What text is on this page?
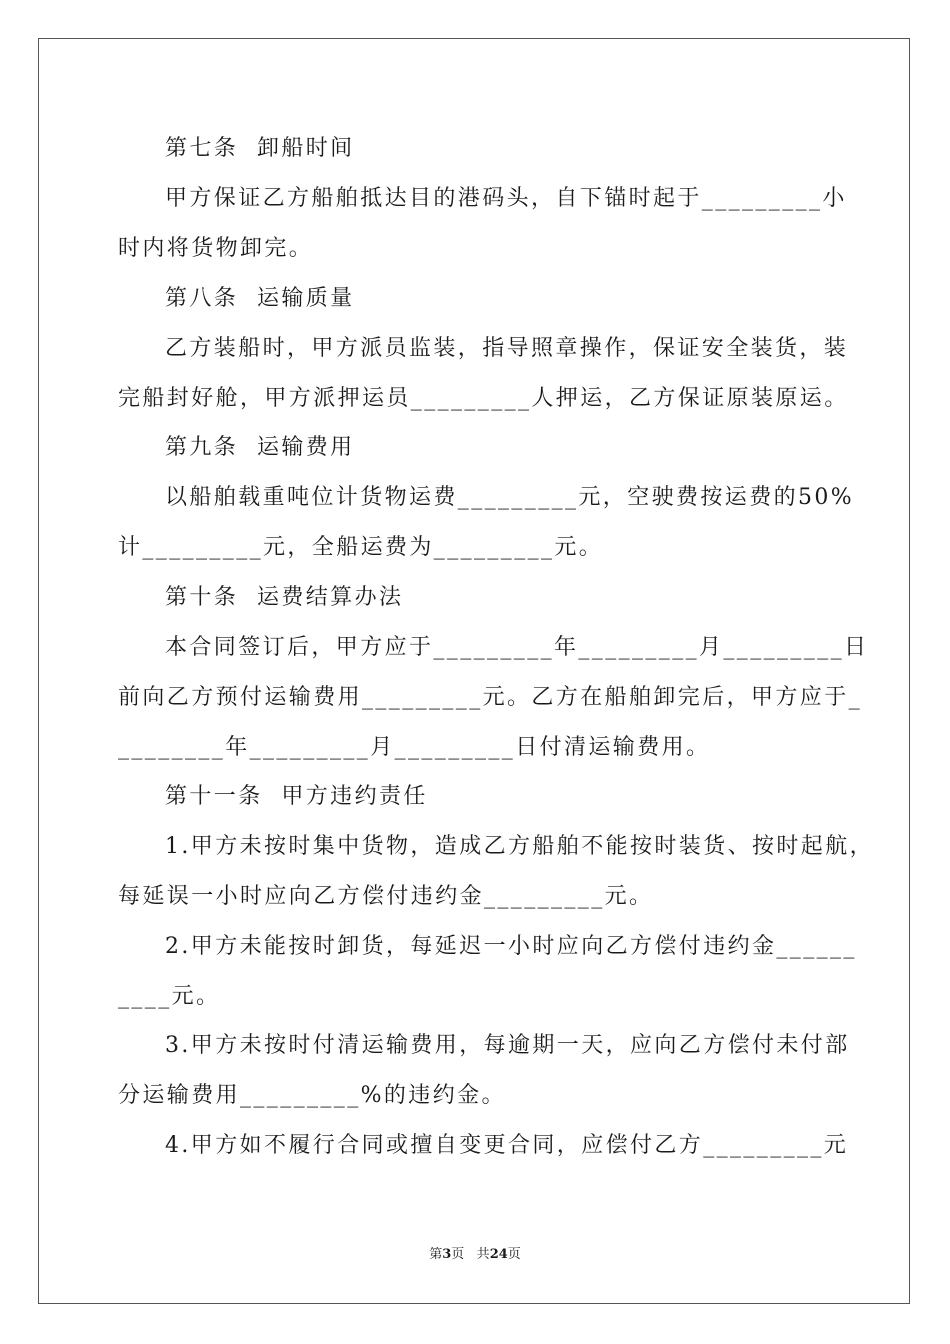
第七条  卸船时间
甲方保证乙方船舶抵达目的港码头，自下锚时起于_________小
时内将货物卸完。
第八条  运输质量
乙方装船时，甲方派员监装，指导照章操作，保证安全装货，装
完船封好舱，甲方派押运员_________人押运，乙方保证原装原运。
第九条  运输费用
以船舶载重吨位计货物运费_________元，空驶费按运费的50%
计_________元，全船运费为_________元。
第十条  运费结算办法
本合同签订后，甲方应于_________年_________月_________日
前向乙方预付运输费用_________元。乙方在船舶卸完后，甲方应于_
________年_________月_________日付清运输费用。
第十一条  甲方违约责任
1.甲方未按时集中货物，造成乙方船舶不能按时装货、按时起航，
每延误一小时应向乙方偿付违约金_________元。
2.甲方未能按时卸货，每延迟一小时应向乙方偿付违约金______
____元。
3.甲方未按时付清运输费用，每逾期一天，应向乙方偿付未付部
分运输费用_________%的违约金。
4.甲方如不履行合同或擅自变更合同，应偿付乙方_________元
第3页 共24页
